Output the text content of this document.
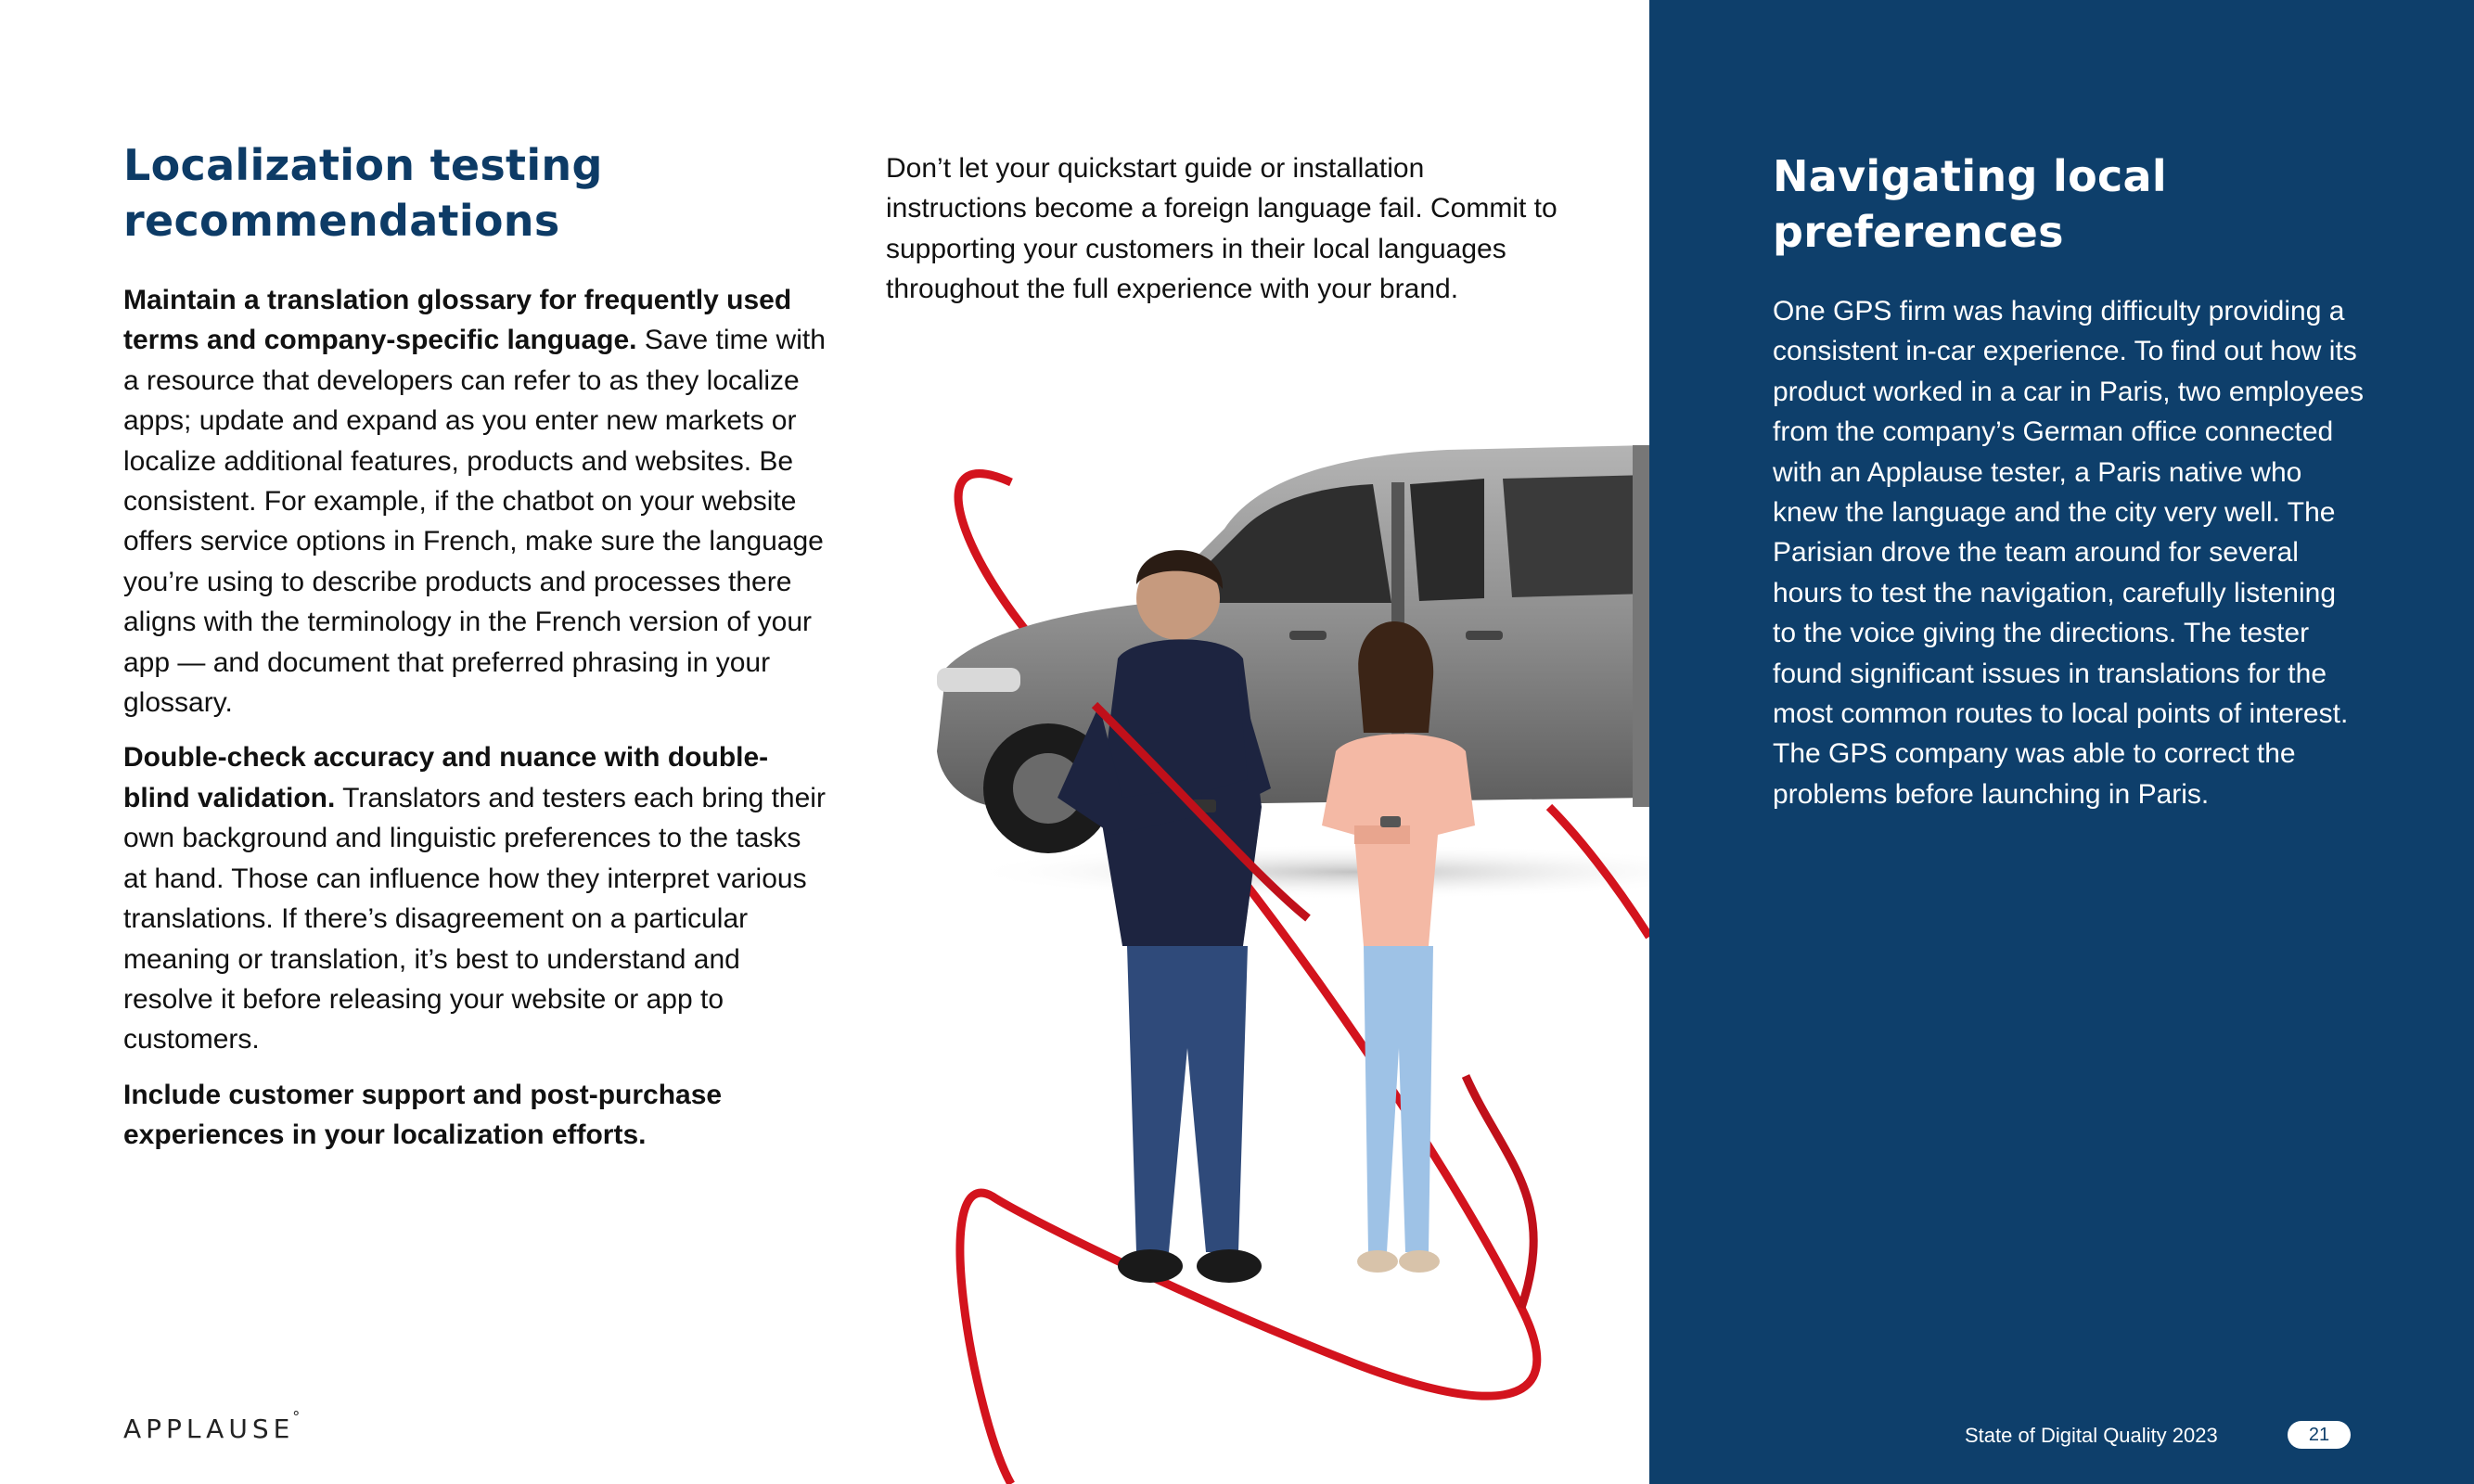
Localization testing recommendations

Maintain a translation glossary for frequently used terms and company-specific language. Save time with a resource that developers can refer to as they localize apps; update and expand as you enter new markets or localize additional features, products and websites. Be consistent. For example, if the chatbot on your website offers service options in French, make sure the language you’re using to describe products and processes there aligns with the terminology in the French version of your app — and document that preferred phrasing in your glossary.

Double-check accuracy and nuance with double-blind validation. Translators and testers each bring their own background and linguistic preferences to the tasks at hand. Those can influence how they interpret various translations. If there’s disagreement on a particular meaning or translation, it’s best to understand and resolve it before releasing your website or app to customers.

Include customer support and post-purchase experiences in your localization efforts.

Don’t let your quickstart guide or installation instructions become a foreign language fail. Commit to supporting your customers in their local languages throughout the full experience with your brand.

Navigating local preferences

One GPS firm was having difficulty providing a consistent in-car experience. To find out how its product worked in a car in Paris, two employees from the company’s German office connected with an Applause tester, a Paris native who knew the language and the city very well. The Parisian drove the team around for several hours to test the navigation, carefully listening to the voice giving the directions. The tester found significant issues in translations for the most common routes to local points of interest. The GPS company was able to correct the problems before launching in Paris.

APPLAUSE°
State of Digital Quality 2023	21
